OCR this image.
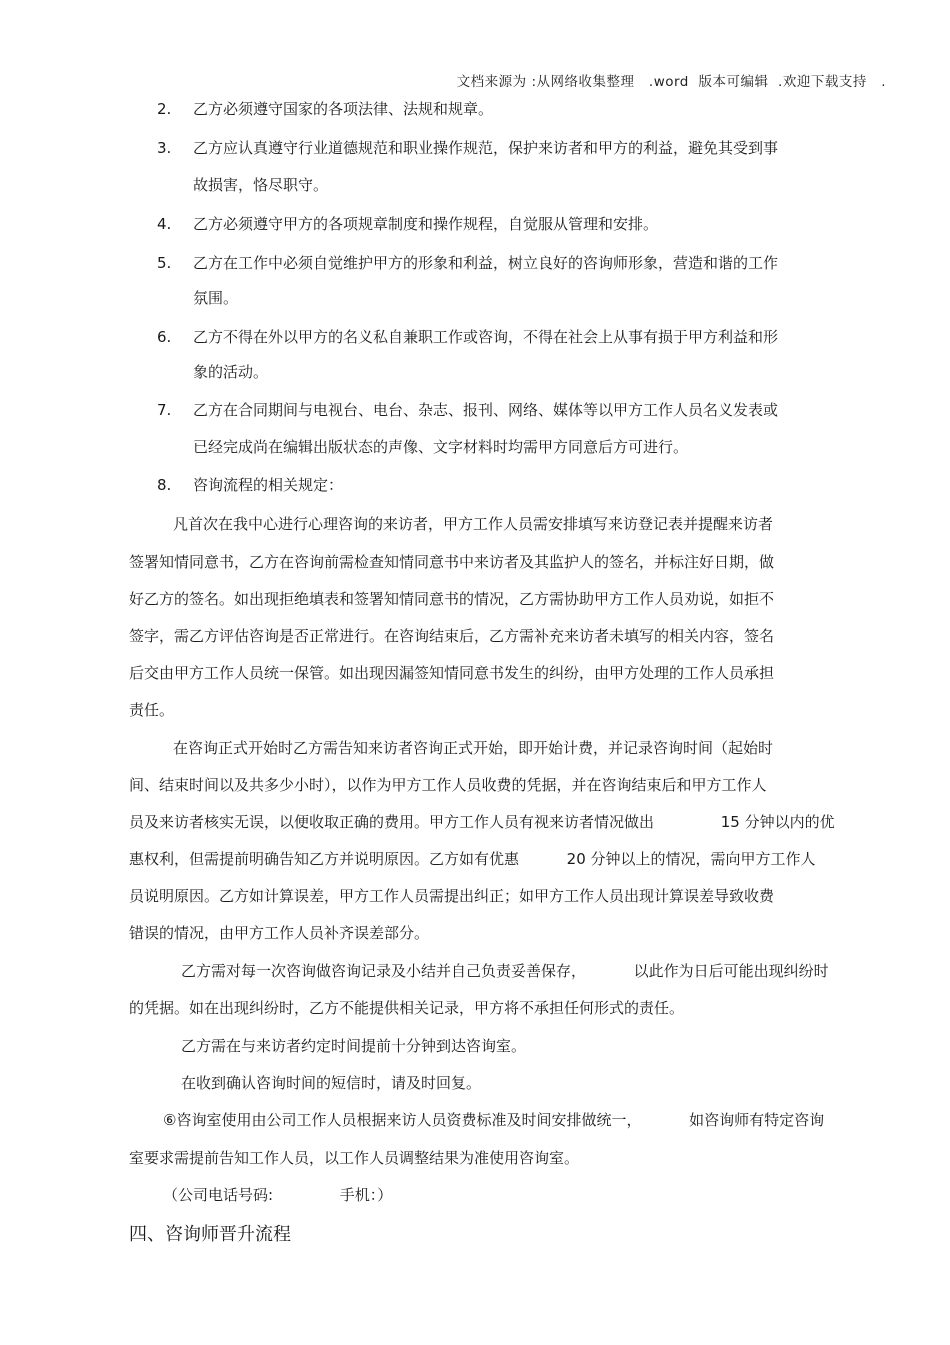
文档来源为 :从网络收集整理   .word  版本可编辑  .欢迎下载支持   .
2.	乙方必须遵守国家的各项法律、法规和规章。
3.	乙方应认真遵守行业道德规范和职业操作规范，保护来访者和甲方的利益，避免其受到事
故损害，恪尽职守。
4.	乙方必须遵守甲方的各项规章制度和操作规程，自觉服从管理和安排。
5.	乙方在工作中必须自觉维护甲方的形象和利益，树立良好的咨询师形象，营造和谐的工作
氛围。
6.	乙方不得在外以甲方的名义私自兼职工作或咨询，不得在社会上从事有损于甲方利益和形
象的活动。
7.	乙方在合同期间与电视台、电台、杂志、报刊、网络、媒体等以甲方工作人员名义发表或
已经完成尚在编辑出版状态的声像、文字材料时均需甲方同意后方可进行。
8.	咨询流程的相关规定：
凡首次在我中心进行心理咨询的来访者，甲方工作人员需安排填写来访登记表并提醒来访者
签署知情同意书，乙方在咨询前需检查知情同意书中来访者及其监护人的签名，并标注好日期，做
好乙方的签名。如出现拒绝填表和签署知情同意书的情况，乙方需协助甲方工作人员劝说，如拒不
签字，需乙方评估咨询是否正常进行。在咨询结束后，乙方需补充来访者未填写的相关内容，签名
后交由甲方工作人员统一保管。如出现因漏签知情同意书发生的纠纷，由甲方处理的工作人员承担
责任。
在咨询正式开始时乙方需告知来访者咨询正式开始，即开始计费，并记录咨询时间（起始时
间、结束时间以及共多少小时），以作为甲方工作人员收费的凭据，并在咨询结束后和甲方工作人
员及来访者核实无误，以便收取正确的费用。甲方工作人员有视来访者情况做出              15 分钟以内的优
惠权利，但需提前明确告知乙方并说明原因。乙方如有优惠          20 分钟以上的情况，需向甲方工作人
员说明原因。乙方如计算误差，甲方工作人员需提出纠正；如甲方工作人员出现计算误差导致收费
错误的情况，由甲方工作人员补齐误差部分。
乙方需对每一次咨询做咨询记录及小结并自己负责妥善保存，          以此作为日后可能出现纠纷时
的凭据。如在出现纠纷时，乙方不能提供相关记录，甲方将不承担任何形式的责任。
乙方需在与来访者约定时间提前十分钟到达咨询室。
在收到确认咨询时间的短信时，请及时回复。
⑥咨询室使用由公司工作人员根据来访人员资费标准及时间安排做统一，          如咨询师有特定咨询
室要求需提前告知工作人员，以工作人员调整结果为准使用咨询室。
（公司电话号码:              手机：）
四、咨询师晋升流程
